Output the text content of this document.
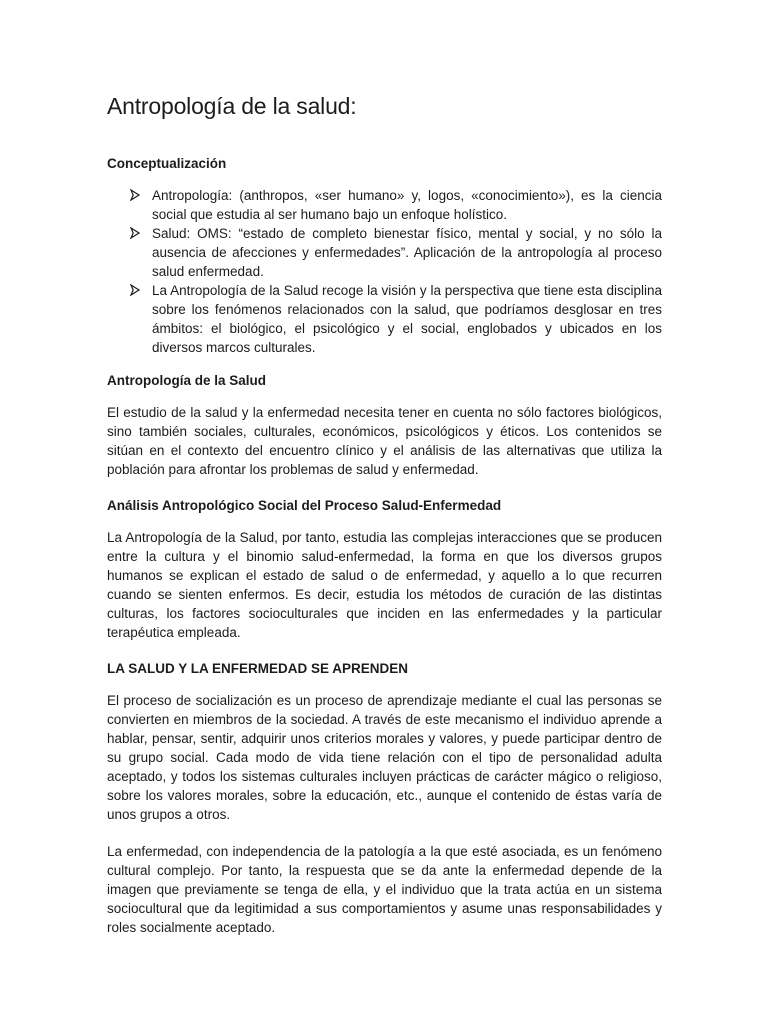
Antropología de la salud:
Conceptualización
Antropología: (anthropos, «ser humano» y, logos, «conocimiento»), es la ciencia social que estudia al ser humano bajo un enfoque holístico.
Salud: OMS: “estado de completo bienestar físico, mental y social, y no sólo la ausencia de afecciones y enfermedades”. Aplicación de la antropología al proceso salud enfermedad.
La Antropología de la Salud recoge la visión y la perspectiva que tiene esta disciplina sobre los fenómenos relacionados con la salud, que podríamos desglosar en tres ámbitos: el biológico, el psicológico y el social, englobados y ubicados en los diversos marcos culturales.
Antropología de la Salud

El estudio de la salud y la enfermedad necesita tener en cuenta no sólo factores biológicos, sino también sociales, culturales, económicos, psicológicos y éticos. Los contenidos se sitúan en el contexto del encuentro clínico y el análisis de las alternativas que utiliza la población para afrontar los problemas de salud y enfermedad.

Análisis Antropológico Social del Proceso Salud-Enfermedad

La Antropología de la Salud, por tanto, estudia las complejas interacciones que se producen entre la cultura y el binomio salud-enfermedad, la forma en que los diversos grupos humanos se explican el estado de salud o de enfermedad, y aquello a lo que recurren cuando se sienten enfermos. Es decir, estudia los métodos de curación de las distintas culturas, los factores socioculturales que inciden en las enfermedades y la particular terapéutica empleada.

LA SALUD Y LA ENFERMEDAD SE APRENDEN

El proceso de socialización es un proceso de aprendizaje mediante el cual las personas se convierten en miembros de la sociedad. A través de este mecanismo el individuo aprende a hablar, pensar, sentir, adquirir unos criterios morales y valores, y puede participar dentro de su grupo social. Cada modo de vida tiene relación con el tipo de personalidad adulta aceptado, y todos los sistemas culturales incluyen prácticas de carácter mágico o religioso, sobre los valores morales, sobre la educación, etc., aunque el contenido de éstas varía de unos grupos a otros.

La enfermedad, con independencia de la patología a la que esté asociada, es un fenómeno cultural complejo. Por tanto, la respuesta que se da ante la enfermedad depende de la imagen que previamente se tenga de ella, y el individuo que la trata actúa en un sistema sociocultural que da legitimidad a sus comportamientos y asume unas responsabilidades y roles socialmente aceptado.
